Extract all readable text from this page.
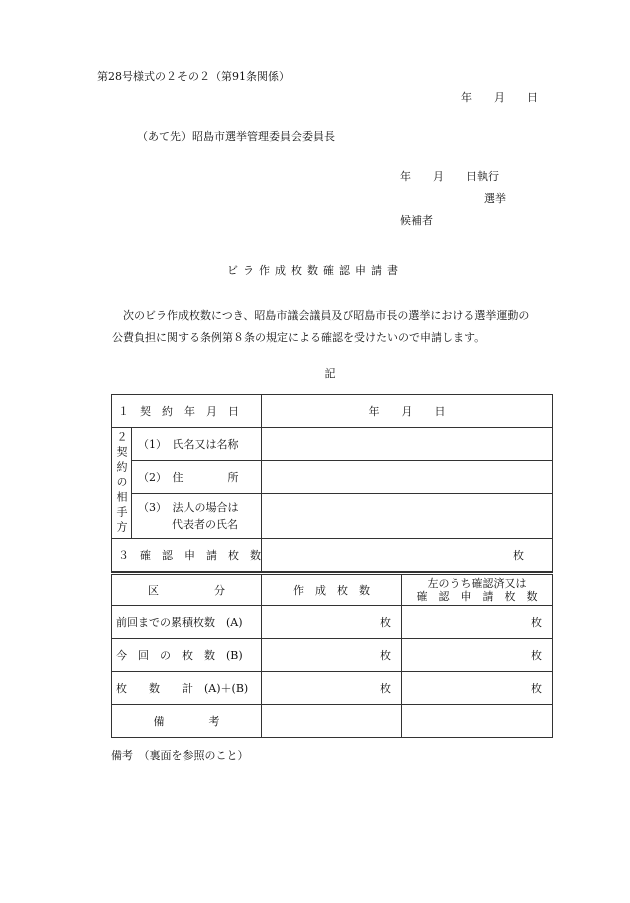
第28号様式の２その２（第91条関係）
年　　月　　日
（あて先）昭島市選挙管理委員会委員長
年　　月　　日執行
選挙
候補者
ビラ作成枚数確認申請書
次のビラ作成枚数につき、昭島市議会議員及び昭島市長の選挙における選挙運動の公費負担に関する条例第８条の規定による確認を受けたいので申請します。
記
１　契　約　年　月　日		年　　月　　日

２契約の相手方	（1）　氏名又は名称	
	（2）　住　　　　所	

	（3）　法人の場合は
代表者の氏名	

３　確　認　申　請　枚　数		枚
区　　　　　分	作　成　枚　数	左のうち確認済又は
確　認　申　請　枚　数

前回までの累積枚数　(A)	枚	枚
今　回　の　枚　数　(B)	枚	枚
枚　　数　　計　(A)＋(B)	枚	枚
備　　　　考		
備考　（裏面を参照のこと）
